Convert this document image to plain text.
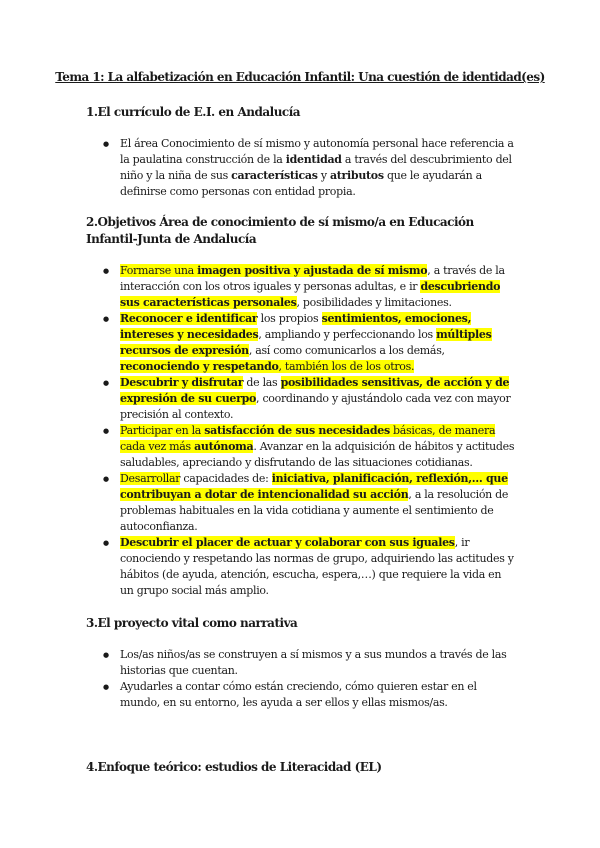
Tema 1: La alfabetización en Educación Infantil: Una cuestión de identidad(es)
1.El currículo de E.I. en Andalucía
● El área Conocimiento de sí mismo y autonomía personal hace referencia a la paulatina construcción de la identidad a través del descubrimiento del niño y la niña de sus características y atributos que le ayudarán a definirse como personas con entidad propia.
2.Objetivos Área de conocimiento de sí mismo/a en Educación Infantil-Junta de Andalucía
● Formarse una imagen positiva y ajustada de sí mismo, a través de la interacción con los otros iguales y personas adultas, e ir descubriendo sus características personales, posibilidades y limitaciones.
● Reconocer e identificar los propios sentimientos, emociones, intereses y necesidades, ampliando y perfeccionando los múltiples recursos de expresión, así como comunicarlos a los demás, reconociendo y respetando, también los de los otros.
● Descubrir y disfrutar de las posibilidades sensitivas, de acción y de expresión de su cuerpo, coordinando y ajustándolo cada vez con mayor precisión al contexto.
● Participar en la satisfacción de sus necesidades básicas, de manera cada vez más autónoma. Avanzar en la adquisición de hábitos y actitudes saludables, apreciando y disfrutando de las situaciones cotidianas.
● Desarrollar capacidades de: iniciativa, planificación, reflexión,… que contribuyan a dotar de intencionalidad su acción, a la resolución de problemas habituales en la vida cotidiana y aumente el sentimiento de autoconfianza.
● Descubrir el placer de actuar y colaborar con sus iguales, ir conociendo y respetando las normas de grupo, adquiriendo las actitudes y hábitos (de ayuda, atención, escucha, espera,…) que requiere la vida en un grupo social más amplio.
3.El proyecto vital como narrativa
● Los/as niños/as se construyen a sí mismos y a sus mundos a través de las historias que cuentan.
● Ayudarles a contar cómo están creciendo, cómo quieren estar en el mundo, en su entorno, les ayuda a ser ellos y ellas mismos/as.
4.Enfoque teórico: estudios de Literacidad (EL)
